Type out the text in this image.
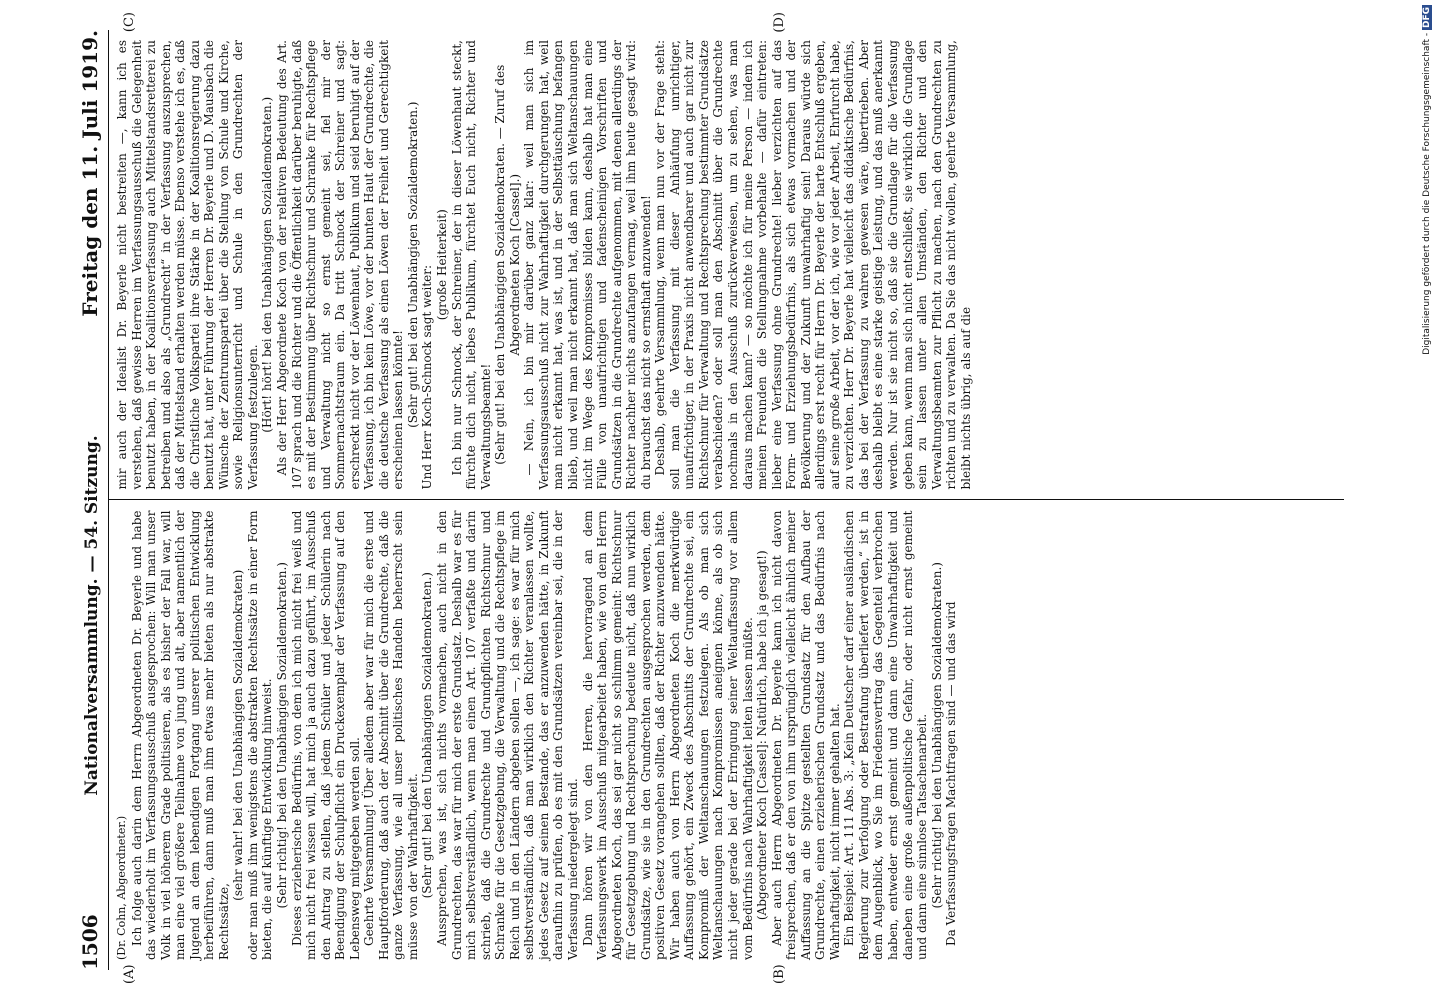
1506
Nationalversammlung. — 54. Sitzung.
Freitag den 11. Juli 1919.

(Dr. Cohn, Abgeordneter.) Ich folge auch darin dem Herrn Abgeordneten Dr. Beyerle und habe das wiederholt im Verfassungsausschuß ausgesprochen: Will man unser Volk in viel höherem Grade politisieren, als es bisher der Fall war, will man eine viel größere Teilnahme von jung und alt, aber namentlich der Jugend an dem lebendigen Fortgang unserer politischen Entwicklung herbeiführen, dann muß man ihm etwas mehr bieten als nur abstrakte Rechtssätze,

(sehr wahr! bei den Unabhängigen Sozialdemokraten) oder man muß ihm wenigstens die abstrakten Rechtssätze in einer Form bieten, die auf künftige Entwicklung hinweist. (Sehr richtig! bei den Unabhängigen Sozialdemokraten.) Dieses erzieherische Bedürfnis, von dem ich mich nicht frei weiß und mich nicht frei wissen will, hat mich ja auch dazu geführt, im Ausschuß den Antrag zu stellen, daß jedem Schüler und jeder Schülerin nach Beendigung der Schulpflicht ein Druckexemplar der Verfassung auf den Lebensweg mitgegeben werden soll. Geehrte Versammlung! Über alledem aber war für mich die erste und Hauptforderung, daß auch der Abschnitt über die Grundrechte, daß die ganze Verfassung, wie all unser politisches Handeln beherrscht sein müsse von der Wahrhaftigkeit. (Sehr gut! bei den Unabhängigen Sozialdemokraten.) Aussprechen, was ist, sich nichts vormachen, auch nicht in den Grundrechten, das war für mich der erste Grundsatz. Deshalb war es für mich selbstverständlich, wenn man einen Art. 107 verfaßte und darin schrieb, daß die Grundrechte und Grundpflichten Richtschnur und Schranke für die Gesetzgebung, die Verwaltung und die Rechtspflege im Reich und in den Ländern abgeben sollen —, ich sage: es war für mich selbstverständlich, daß man wirklich den Richter veranlassen wollte, jedes Gesetz auf seinen Bestande, das er anzuwenden hätte, in Zukunft daraufhin zu prüfen, ob es mit den Grundsätzen vereinbar sei, die in der Verfassung niedergelegt sind. Dann hören wir von den Herren, die hervorragend an dem Verfassungswerk im Ausschuß mitgearbeitet haben, wie von dem Herrn Abgeordneten Koch, das sei gar nicht so schlimm gemeint: Richtschnur für Gesetzgebung und Rechtsprechung bedeute nicht, daß nun wirklich Grundsätze, wie sie in den Grundrechten ausgesprochen werden, dem positiven Gesetz vorangehen sollten, daß der Richter anzuwenden hätte. Wir haben auch von Herrn Abgeordneten Koch die merkwürdige Auffassung gehört, ein Zweck des Abschnitts der Grundrechte sei, ein Kompromiß der Weltanschauungen festzulegen. Als ob man sich Weltanschauungen nach Kompromissen aneignen könne, als ob sich nicht jeder gerade bei der Erringung seiner Weltauffassung vor allem vom Bedürfnis nach Wahrhaftigkeit leiten lassen müßte. (Abgeordneter Koch [Cassel]: Natürlich, habe ich ja gesagt!) Aber auch Herrn Abgeordneten Dr. Beyerle kann ich nicht davon freisprechen, daß er den von ihm ursprünglich vielleicht ähnlich meiner Auffassung an die Spitze gestellten Grundsatz für den Aufbau der Grundrechte, einen erzieherischen Grundsatz und das Bedürfnis nach Wahrhaftigkeit, nicht immer gehalten hat. Ein Beispiel: Art. 111 Abs. 3: „Kein Deutscher darf einer ausländischen Regierung zur Verfolgung oder Bestrafung überliefert werden,“ ist in dem Augenblick, wo Sie im Friedensvertrag das Gegenteil verbrochen haben, entweder ernst gemeint und dann eine Unwahrhaftigkeit und daneben eine große außenpolitische Gefahr, oder nicht ernst gemeint und dann eine sinnlose Tatsachenarbeit. (Sehr richtig! bei den Unabhängigen Sozialdemokraten.) Da Verfassungsfragen Machtfragen sind — und das wird

mir auch der Idealist Dr. Beyerle nicht bestreiten —, kann ich es verstehen, daß gewisse Herren im Verfassungsausschuß die Gelegenheit benutzt haben, in der Koalitionsverfassung auch Mittelstandsretterei zu betreiben und also als „Grundrecht“ in der Verfassung auszusprechen, daß der Mittelstand erhalten werden müsse. Ebenso verstehe ich es, daß die Christliche Volkspartei ihre Stärke in der Koalitionsregierung dazu benutzt hat, unter Führung der Herren Dr. Beyerle und D. Mausbach die Wünsche der Zentrumspartei über die Stellung von Schule und Kirche, sowie Religionsunterricht und Schule in den Grundrechten der Verfassung festzulegen. (Hört! hört! bei den Unabhängigen Sozialdemokraten.) Als der Herr Abgeordnete Koch von der relativen Bedeutung des Art. 107 sprach und die Richter und die Öffentlichkeit darüber beruhigte, daß es mit der Bestimmung über Richtschnur und Schranke für Rechtspflege und Verwaltung nicht so ernst gemeint sei, fiel mir der Sommernachtstraum ein. Da tritt Schnock der Schreiner und sagt: erschreckt nicht vor der Löwenhaut, Publikum und seid beruhigt auf der Verfassung, ich bin kein Löwe, vor der bunten Haut der Grundrechte, die die deutsche Verfassung als einen Löwen der Freiheit und Gerechtigkeit erscheinen lassen könnte! (Sehr gut! bei den Unabhängigen Sozialdemokraten.) Und Herr Koch-Schnock sagt weiter:

(große Heiterkeit) Ich bin nur Schnock, der Schreiner, der in dieser Löwenhaut steckt, fürchte dich nicht, liebes Publikum, fürchtet Euch nicht, Richter und Verwaltungsbeamte! (Sehr gut! bei den Unabhängigen Sozialdemokraten. — Zuruf des Abgeordneten Koch [Cassel].) — Nein, ich bin mir darüber ganz klar: weil man sich im Verfassungsausschuß nicht zur Wahrhaftigkeit durchgerungen hat, weil man nicht erkannt hat, was ist, und in der Selbsttäuschung befangen blieb, und weil man nicht erkannt hat, daß man sich Weltanschauungen nicht im Wege des Kompromisses bilden kann, deshalb hat man eine Fülle von unaufrichtigen und fadenscheinigen Vorschriften und Grundsätzen in die Grundrechte aufgenommen, mit denen allerdings der Richter nachher nichts anzufangen vermag, weil ihm heute gesagt wird: du brauchst das nicht so ernsthaft anzuwenden! Deshalb, geehrte Versammlung, wenn man nun vor der Frage steht: soll man die Verfassung mit dieser Anhäufung unrichtiger, unaufrichtiger, in der Praxis nicht anwendbarer und auch gar nicht zur Richtschnur für Verwaltung und Rechtsprechung bestimmter Grundsätze verabschieden? oder soll man den Abschnitt über die Grundrechte nochmals in den Ausschuß zurückverweisen, um zu sehen, was man daraus machen kann? — so möchte ich für meine Person — indem ich meinen Freunden die Stellungnahme vorbehalte — dafür eintreten: lieber eine Verfassung ohne Grundrechte! lieber verzichten auf das Form- und Erziehungsbedürfnis, als sich etwas vormachen und der Bevölkerung und der Zukunft unwahrhaftig sein! Daraus würde sich allerdings erst recht für Herrn Dr. Beyerle der harte Entschluß ergeben, auf seine große Arbeit, vor der ich, wie vor jeder Arbeit, Ehrfurcht habe, zu verzichten. Herr Dr. Beyerle hat vielleicht das didaktische Bedürfnis, das bei der Verfassung zu wahren gewesen wäre, übertrieben. Aber deshalb bleibt es eine starke geistige Leistung, und das muß anerkannt werden. Nur ist sie nicht so, daß sie die Grundlage für die Verfassung geben kann, wenn man sich nicht entschließt, sie wirklich die Grundlage sein zu lassen unter allen Umständen, den Richter und den Verwaltungsbeamten zur Pflicht zu machen, nach den Grundrechten zu richten und zu verwalten. Da Sie das nicht wollen, geehrte Versammlung, bleibt nichts übrig, als auf die

(A)	(B)
(C)	(D)
Digitalisierung gefördert durch die Deutsche Forschungsgemeinschaft - DFG
